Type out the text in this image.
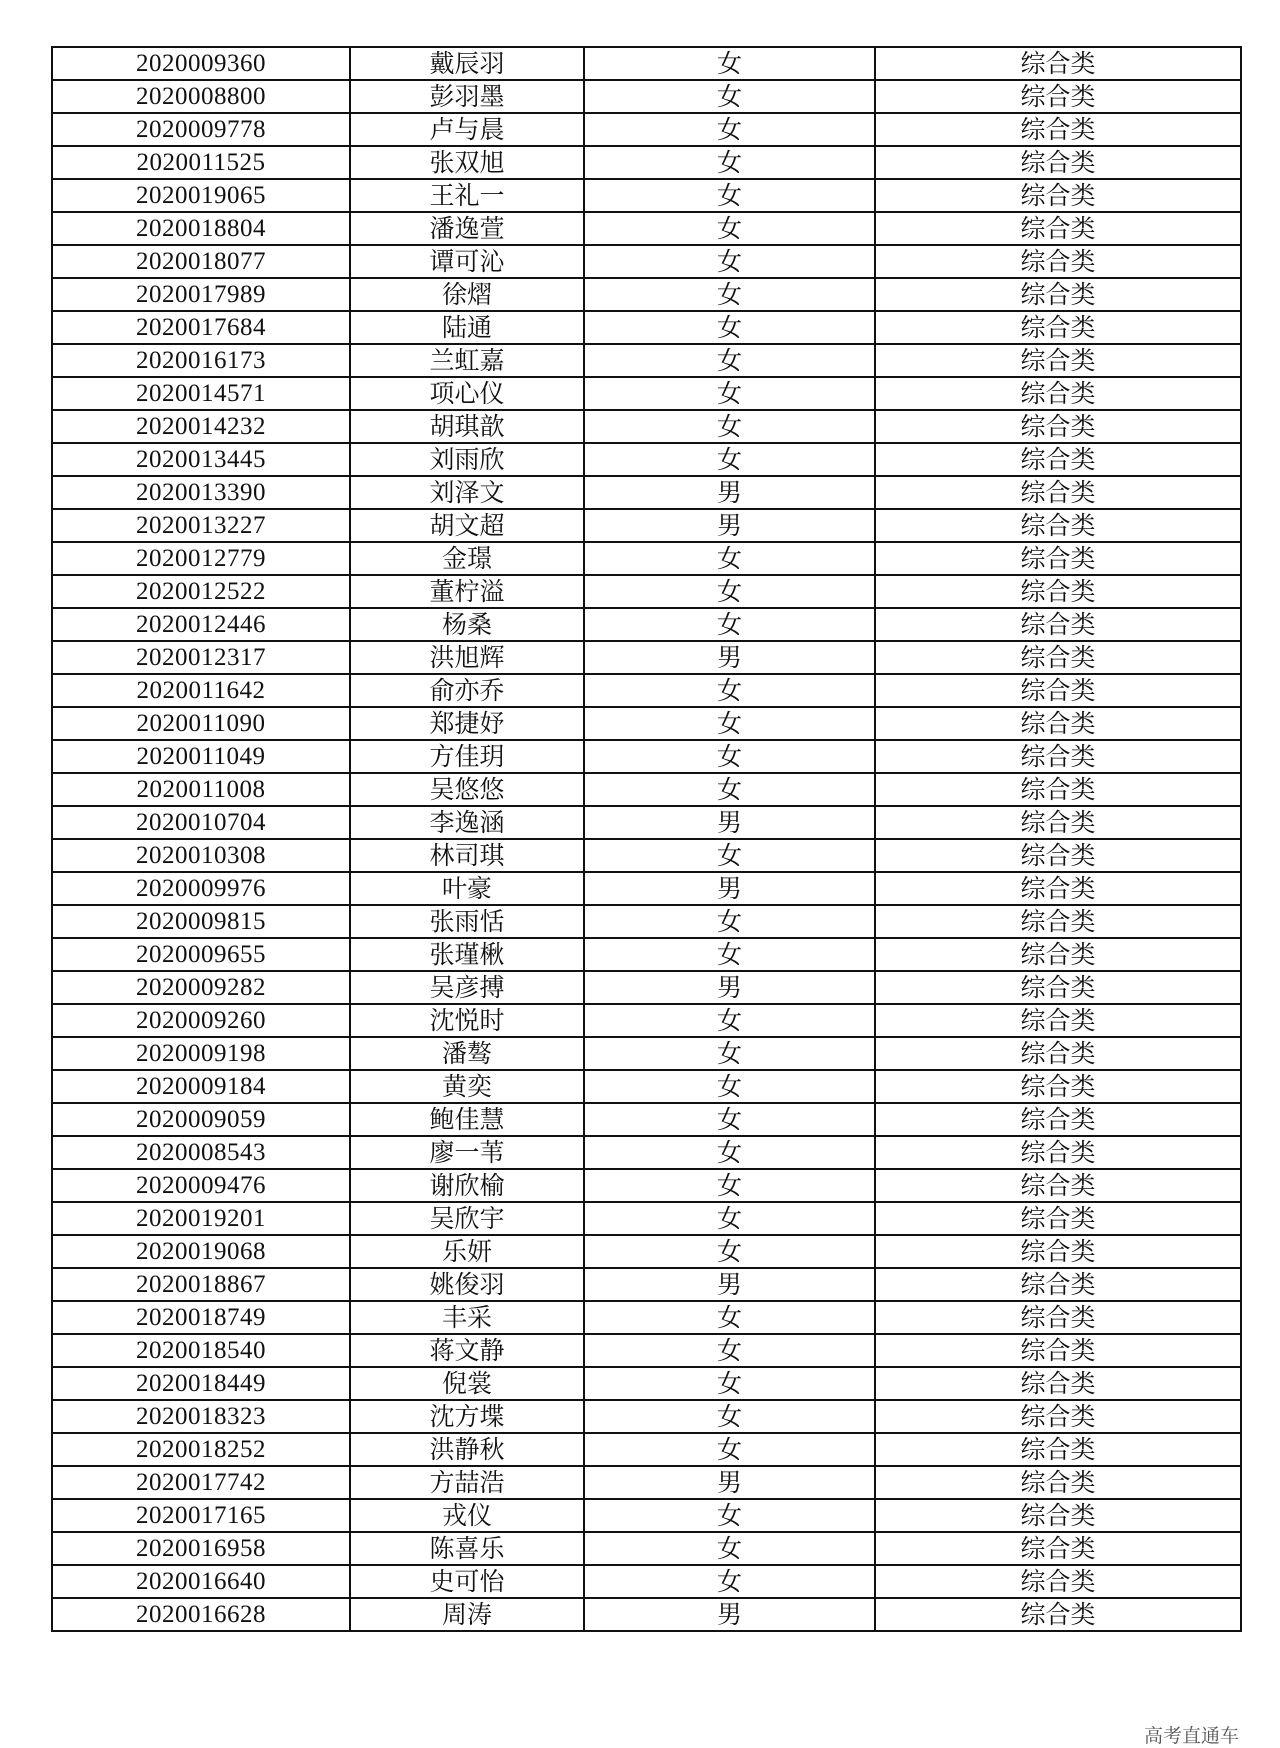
2020009360	戴辰羽	女	综合类
2020008800	彭羽墨	女	综合类
2020009778	卢与晨	女	综合类
2020011525	张双旭	女	综合类
2020019065	王礼一	女	综合类
2020018804	潘逸萱	女	综合类
2020018077	谭可沁	女	综合类
2020017989	徐熠	女	综合类
2020017684	陆通	女	综合类
2020016173	兰虹嘉	女	综合类
2020014571	项心仪	女	综合类
2020014232	胡琪歆	女	综合类
2020013445	刘雨欣	女	综合类
2020013390	刘泽文	男	综合类
2020013227	胡文超	男	综合类
2020012779	金璟	女	综合类
2020012522	董柠溢	女	综合类
2020012446	杨桑	女	综合类
2020012317	洪旭辉	男	综合类
2020011642	俞亦乔	女	综合类
2020011090	郑捷妤	女	综合类
2020011049	方佳玥	女	综合类
2020011008	吴悠悠	女	综合类
2020010704	李逸涵	男	综合类
2020010308	林司琪	女	综合类
2020009976	叶豪	男	综合类
2020009815	张雨恬	女	综合类
2020009655	张瑾楸	女	综合类
2020009282	吴彦搏	男	综合类
2020009260	沈悦时	女	综合类
2020009198	潘骜	女	综合类
2020009184	黄奕	女	综合类
2020009059	鲍佳慧	女	综合类
2020008543	廖一苇	女	综合类
2020009476	谢欣榆	女	综合类
2020019201	吴欣宇	女	综合类
2020019068	乐妍	女	综合类
2020018867	姚俊羽	男	综合类
2020018749	丰采	女	综合类
2020018540	蒋文静	女	综合类
2020018449	倪裳	女	综合类
2020018323	沈方堞	女	综合类
2020018252	洪静秋	女	综合类
2020017742	方喆浩	男	综合类
2020017165	戎仪	女	综合类
2020016958	陈喜乐	女	综合类
2020016640	史可怡	女	综合类
2020016628	周涛	男	综合类
高考直通车
